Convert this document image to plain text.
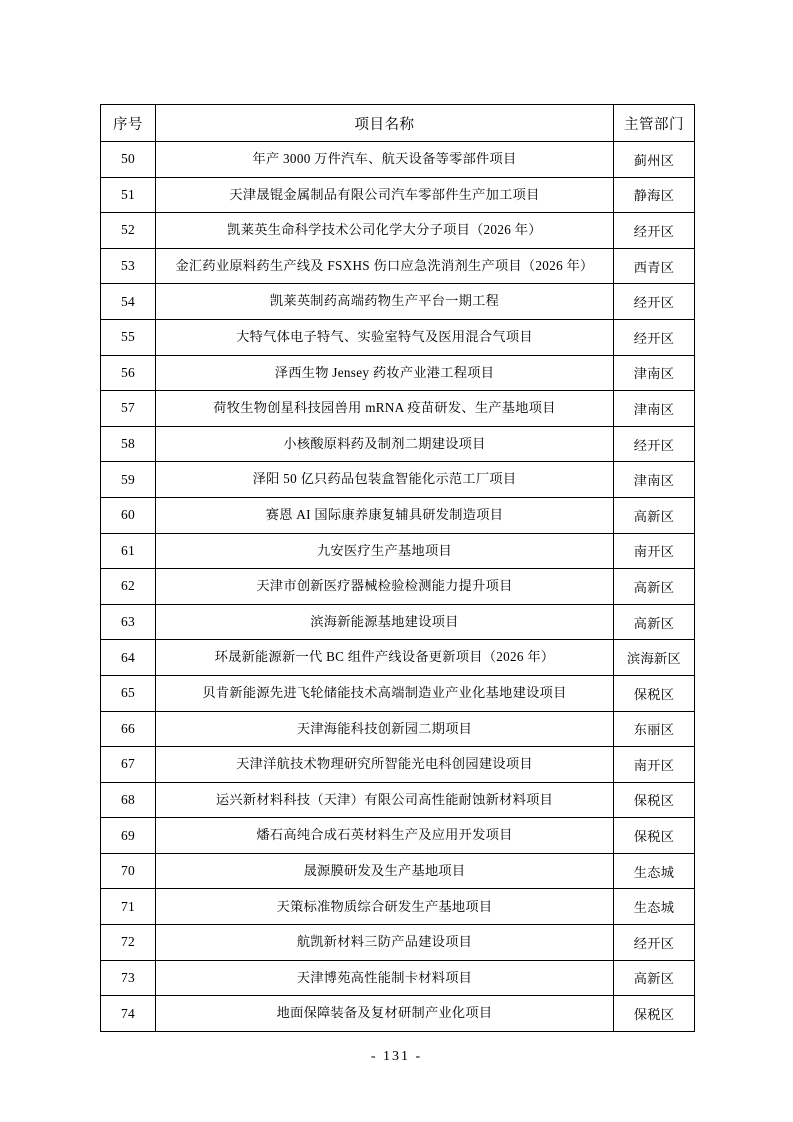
序号	项目名称	主管部门
50	年产 3000 万件汽车、航天设备等零部件项目	蓟州区
51	天津晟锟金属制品有限公司汽车零部件生产加工项目	静海区
52	凯莱英生命科学技术公司化学大分子项目（2026 年）	经开区
53	金汇药业原料药生产线及 FSXHS 伤口应急洗消剂生产项目（2026 年）	西青区
54	凯莱英制药高端药物生产平台一期工程	经开区
55	大特气体电子特气、实验室特气及医用混合气项目	经开区
56	泽西生物 Jensey 药妆产业港工程项目	津南区
57	荷牧生物创星科技园兽用 mRNA 疫苗研发、生产基地项目	津南区
58	小核酸原料药及制剂二期建设项目	经开区
59	泽阳 50 亿只药品包装盒智能化示范工厂项目	津南区
60	赛恩 AI 国际康养康复辅具研发制造项目	高新区
61	九安医疗生产基地项目	南开区
62	天津市创新医疗器械检验检测能力提升项目	高新区
63	滨海新能源基地建设项目	高新区
64	环晟新能源新一代 BC 组件产线设备更新项目（2026 年）	滨海新区
65	贝肯新能源先进飞轮储能技术高端制造业产业化基地建设项目	保税区
66	天津海能科技创新园二期项目	东丽区
67	天津洋航技术物理研究所智能光电科创园建设项目	南开区
68	运兴新材料科技（天津）有限公司高性能耐蚀新材料项目	保税区
69	燔石高纯合成石英材料生产及应用开发项目	保税区
70	晟源膜研发及生产基地项目	生态城
71	天策标准物质综合研发生产基地项目	生态城
72	航凯新材料三防产品建设项目	经开区
73	天津博苑高性能制卡材料项目	高新区
74	地面保障装备及复材研制产业化项目	保税区
- 131 -
